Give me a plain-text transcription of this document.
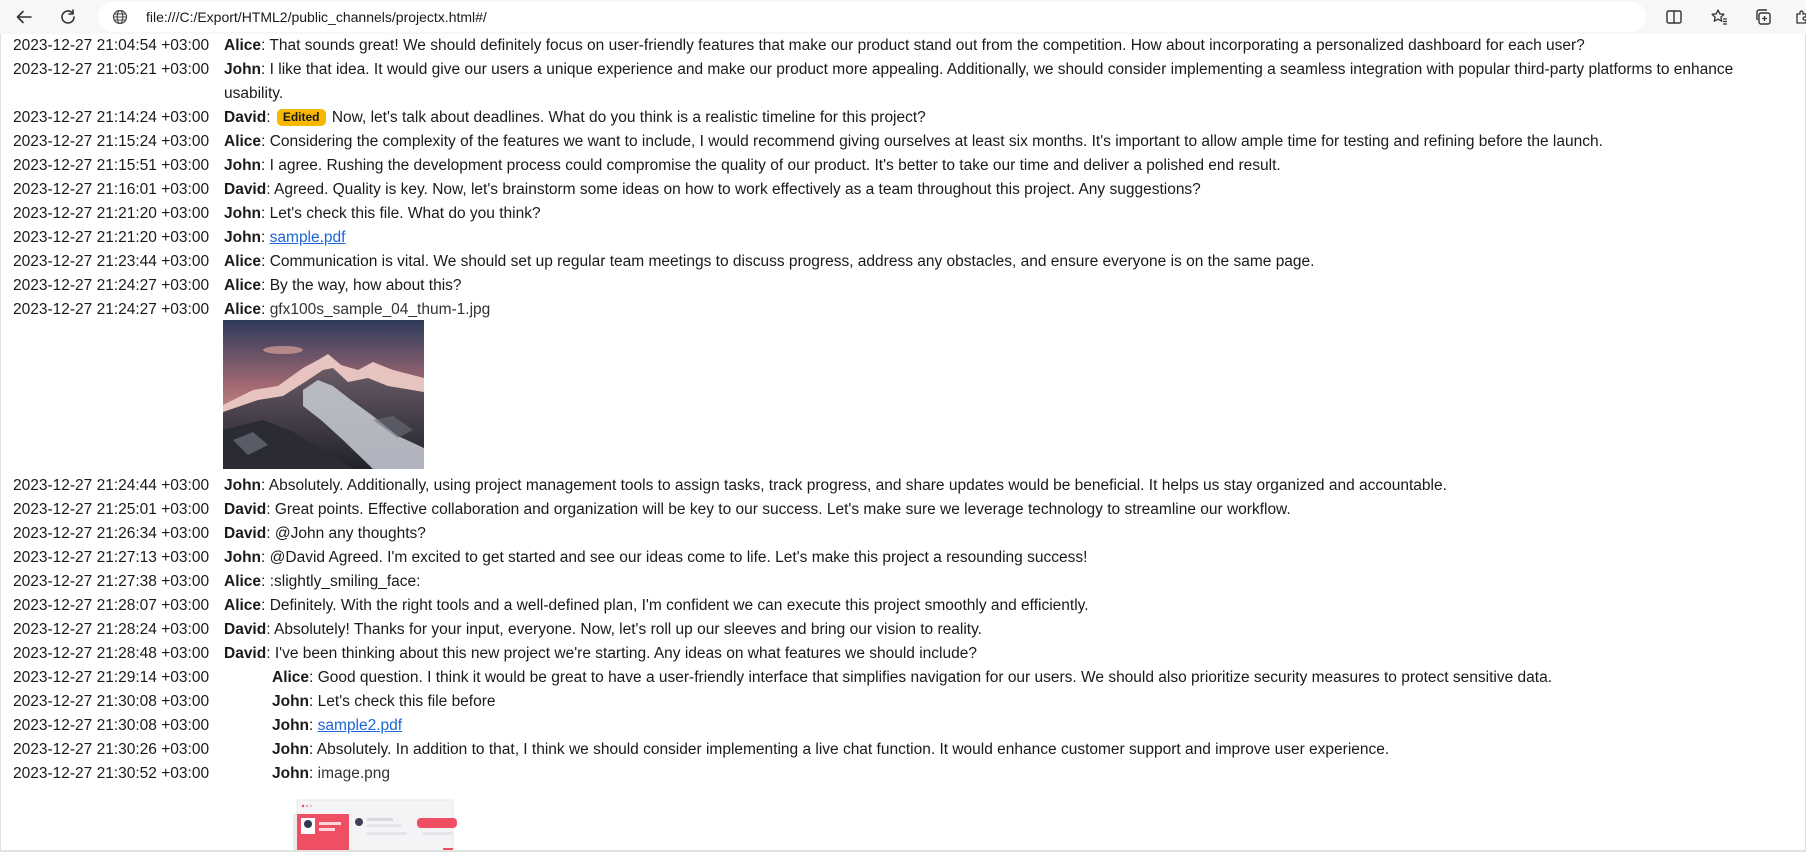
file:///C:/Export/HTML2/public_channels/projectx.html#/
2023-12-27 21:04:54 +03:00 Alice: That sounds great! We should definitely focus on user-friendly features that make our product stand out from the competition. How about incorporating a personalized dashboard for each user?
2023-12-27 21:05:21 +03:00 John: I like that idea. It would give our users a unique experience and make our product more appealing. Additionally, we should consider implementing a seamless integration with popular third-party platforms to enhance usability.
2023-12-27 21:14:24 +03:00 David: Edited Now, let's talk about deadlines. What do you think is a realistic timeline for this project?
2023-12-27 21:15:24 +03:00 Alice: Considering the complexity of the features we want to include, I would recommend giving ourselves at least six months. It's important to allow ample time for testing and refining before the launch.
2023-12-27 21:15:51 +03:00 John: I agree. Rushing the development process could compromise the quality of our product. It's better to take our time and deliver a polished end result.
2023-12-27 21:16:01 +03:00 David: Agreed. Quality is key. Now, let's brainstorm some ideas on how to work effectively as a team throughout this project. Any suggestions?
2023-12-27 21:21:20 +03:00 John: Let's check this file. What do you think?
2023-12-27 21:21:20 +03:00 John: sample.pdf
2023-12-27 21:23:44 +03:00 Alice: Communication is vital. We should set up regular team meetings to discuss progress, address any obstacles, and ensure everyone is on the same page.
2023-12-27 21:24:27 +03:00 Alice: By the way, how about this?
2023-12-27 21:24:27 +03:00 Alice: gfx100s_sample_04_thum-1.jpg
2023-12-27 21:24:44 +03:00 John: Absolutely. Additionally, using project management tools to assign tasks, track progress, and share updates would be beneficial. It helps us stay organized and accountable.
2023-12-27 21:25:01 +03:00 David: Great points. Effective collaboration and organization will be key to our success. Let's make sure we leverage technology to streamline our workflow.
2023-12-27 21:26:34 +03:00 David: @John any thoughts?
2023-12-27 21:27:13 +03:00 John: @David Agreed. I'm excited to get started and see our ideas come to life. Let's make this project a resounding success!
2023-12-27 21:27:38 +03:00 Alice: :slightly_smiling_face:
2023-12-27 21:28:07 +03:00 Alice: Definitely. With the right tools and a well-defined plan, I'm confident we can execute this project smoothly and efficiently.
2023-12-27 21:28:24 +03:00 David: Absolutely! Thanks for your input, everyone. Now, let's roll up our sleeves and bring our vision to reality.
2023-12-27 21:28:48 +03:00 David: I've been thinking about this new project we're starting. Any ideas on what features we should include?
2023-12-27 21:29:14 +03:00	Alice: Good question. I think it would be great to have a user-friendly interface that simplifies navigation for our users. We should also prioritize security measures to protect sensitive data.
2023-12-27 21:30:08 +03:00	John: Let's check this file before
2023-12-27 21:30:08 +03:00	John: sample2.pdf
2023-12-27 21:30:26 +03:00	John: Absolutely. In addition to that, I think we should consider implementing a live chat function. It would enhance customer support and improve user experience.
2023-12-27 21:30:52 +03:00	John: image.png
